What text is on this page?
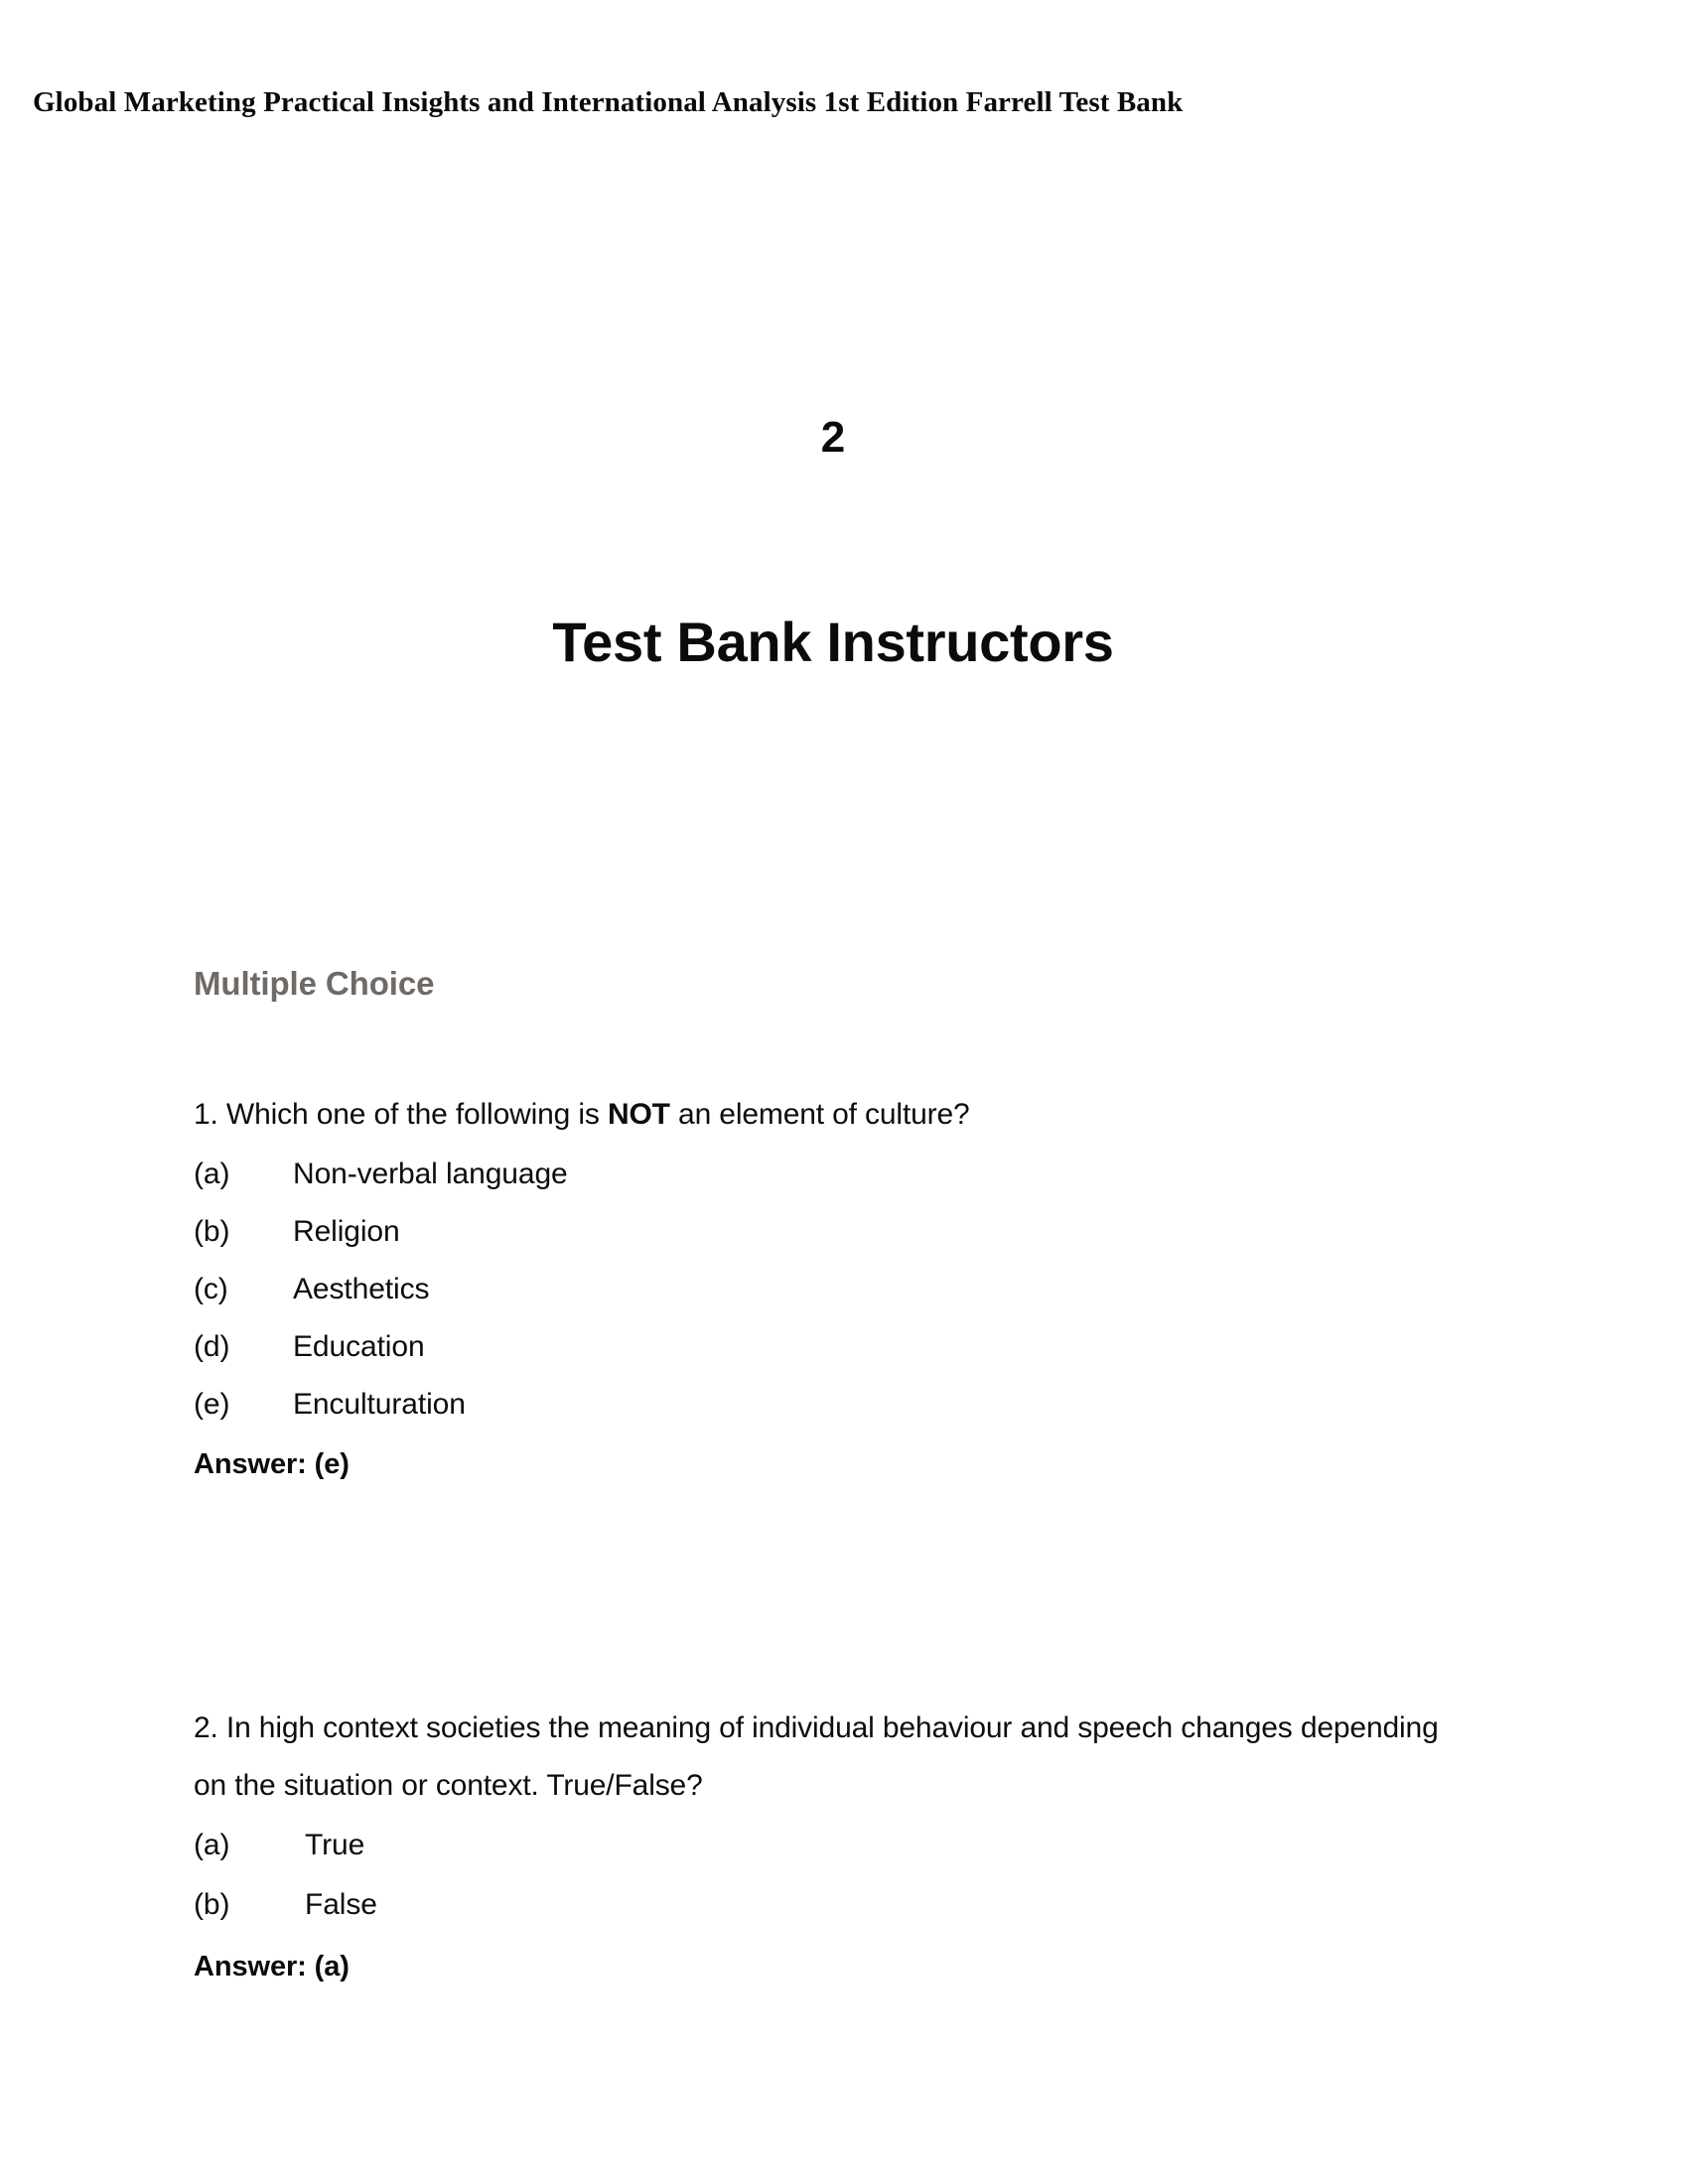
Global Marketing Practical Insights and International Analysis 1st Edition Farrell Test Bank
2
Test Bank Instructors
Multiple Choice
1. Which one of the following is NOT an element of culture?
(a)	Non-verbal language
(b)	Religion
(c)	Aesthetics
(d)	Education
(e)	Enculturation
Answer: (e)
2. In high context societies the meaning of individual behaviour and speech changes depending
on the situation or context. True/False?
(a)	True
(b)	False
Answer: (a)
